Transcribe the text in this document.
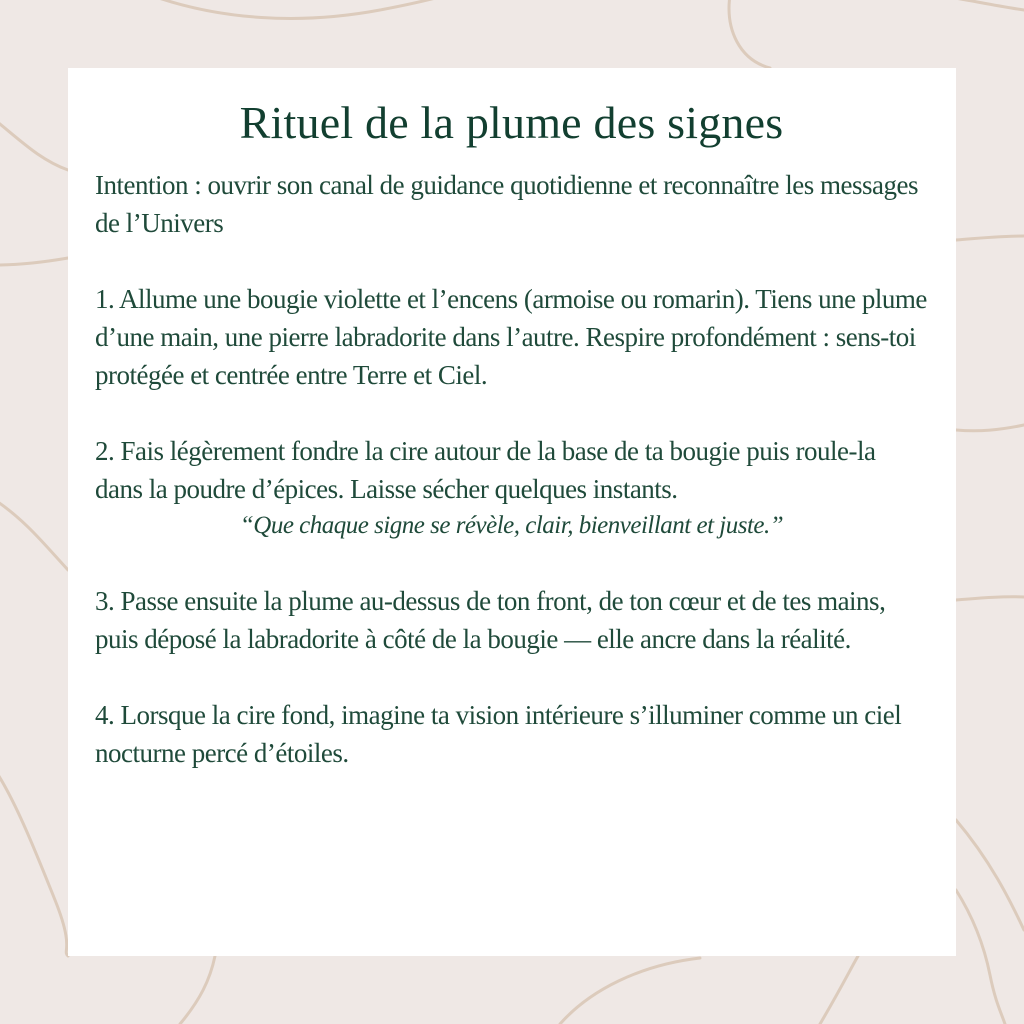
Rituel de la plume des signes

Intention : ouvrir son canal de guidance quotidienne et reconnaître les messages de l’Univers

1. Allume une bougie violette et l’encens (armoise ou romarin). Tiens une plume d’une main, une pierre labradorite dans l’autre. Respire profondément : sens-toi protégée et centrée entre Terre et Ciel.

2. Fais légèrement fondre la cire autour de la base de ta bougie puis roule-la dans la poudre d’épices. Laisse sécher quelques instants.

“Que chaque signe se révèle, clair, bienveillant et juste.”

3. Passe ensuite la plume au-dessus de ton front, de ton cœur et de tes mains, puis déposé la labradorite à côté de la bougie — elle ancre dans la réalité.

4. Lorsque la cire fond, imagine ta vision intérieure s’illuminer comme un ciel nocturne percé d’étoiles.
